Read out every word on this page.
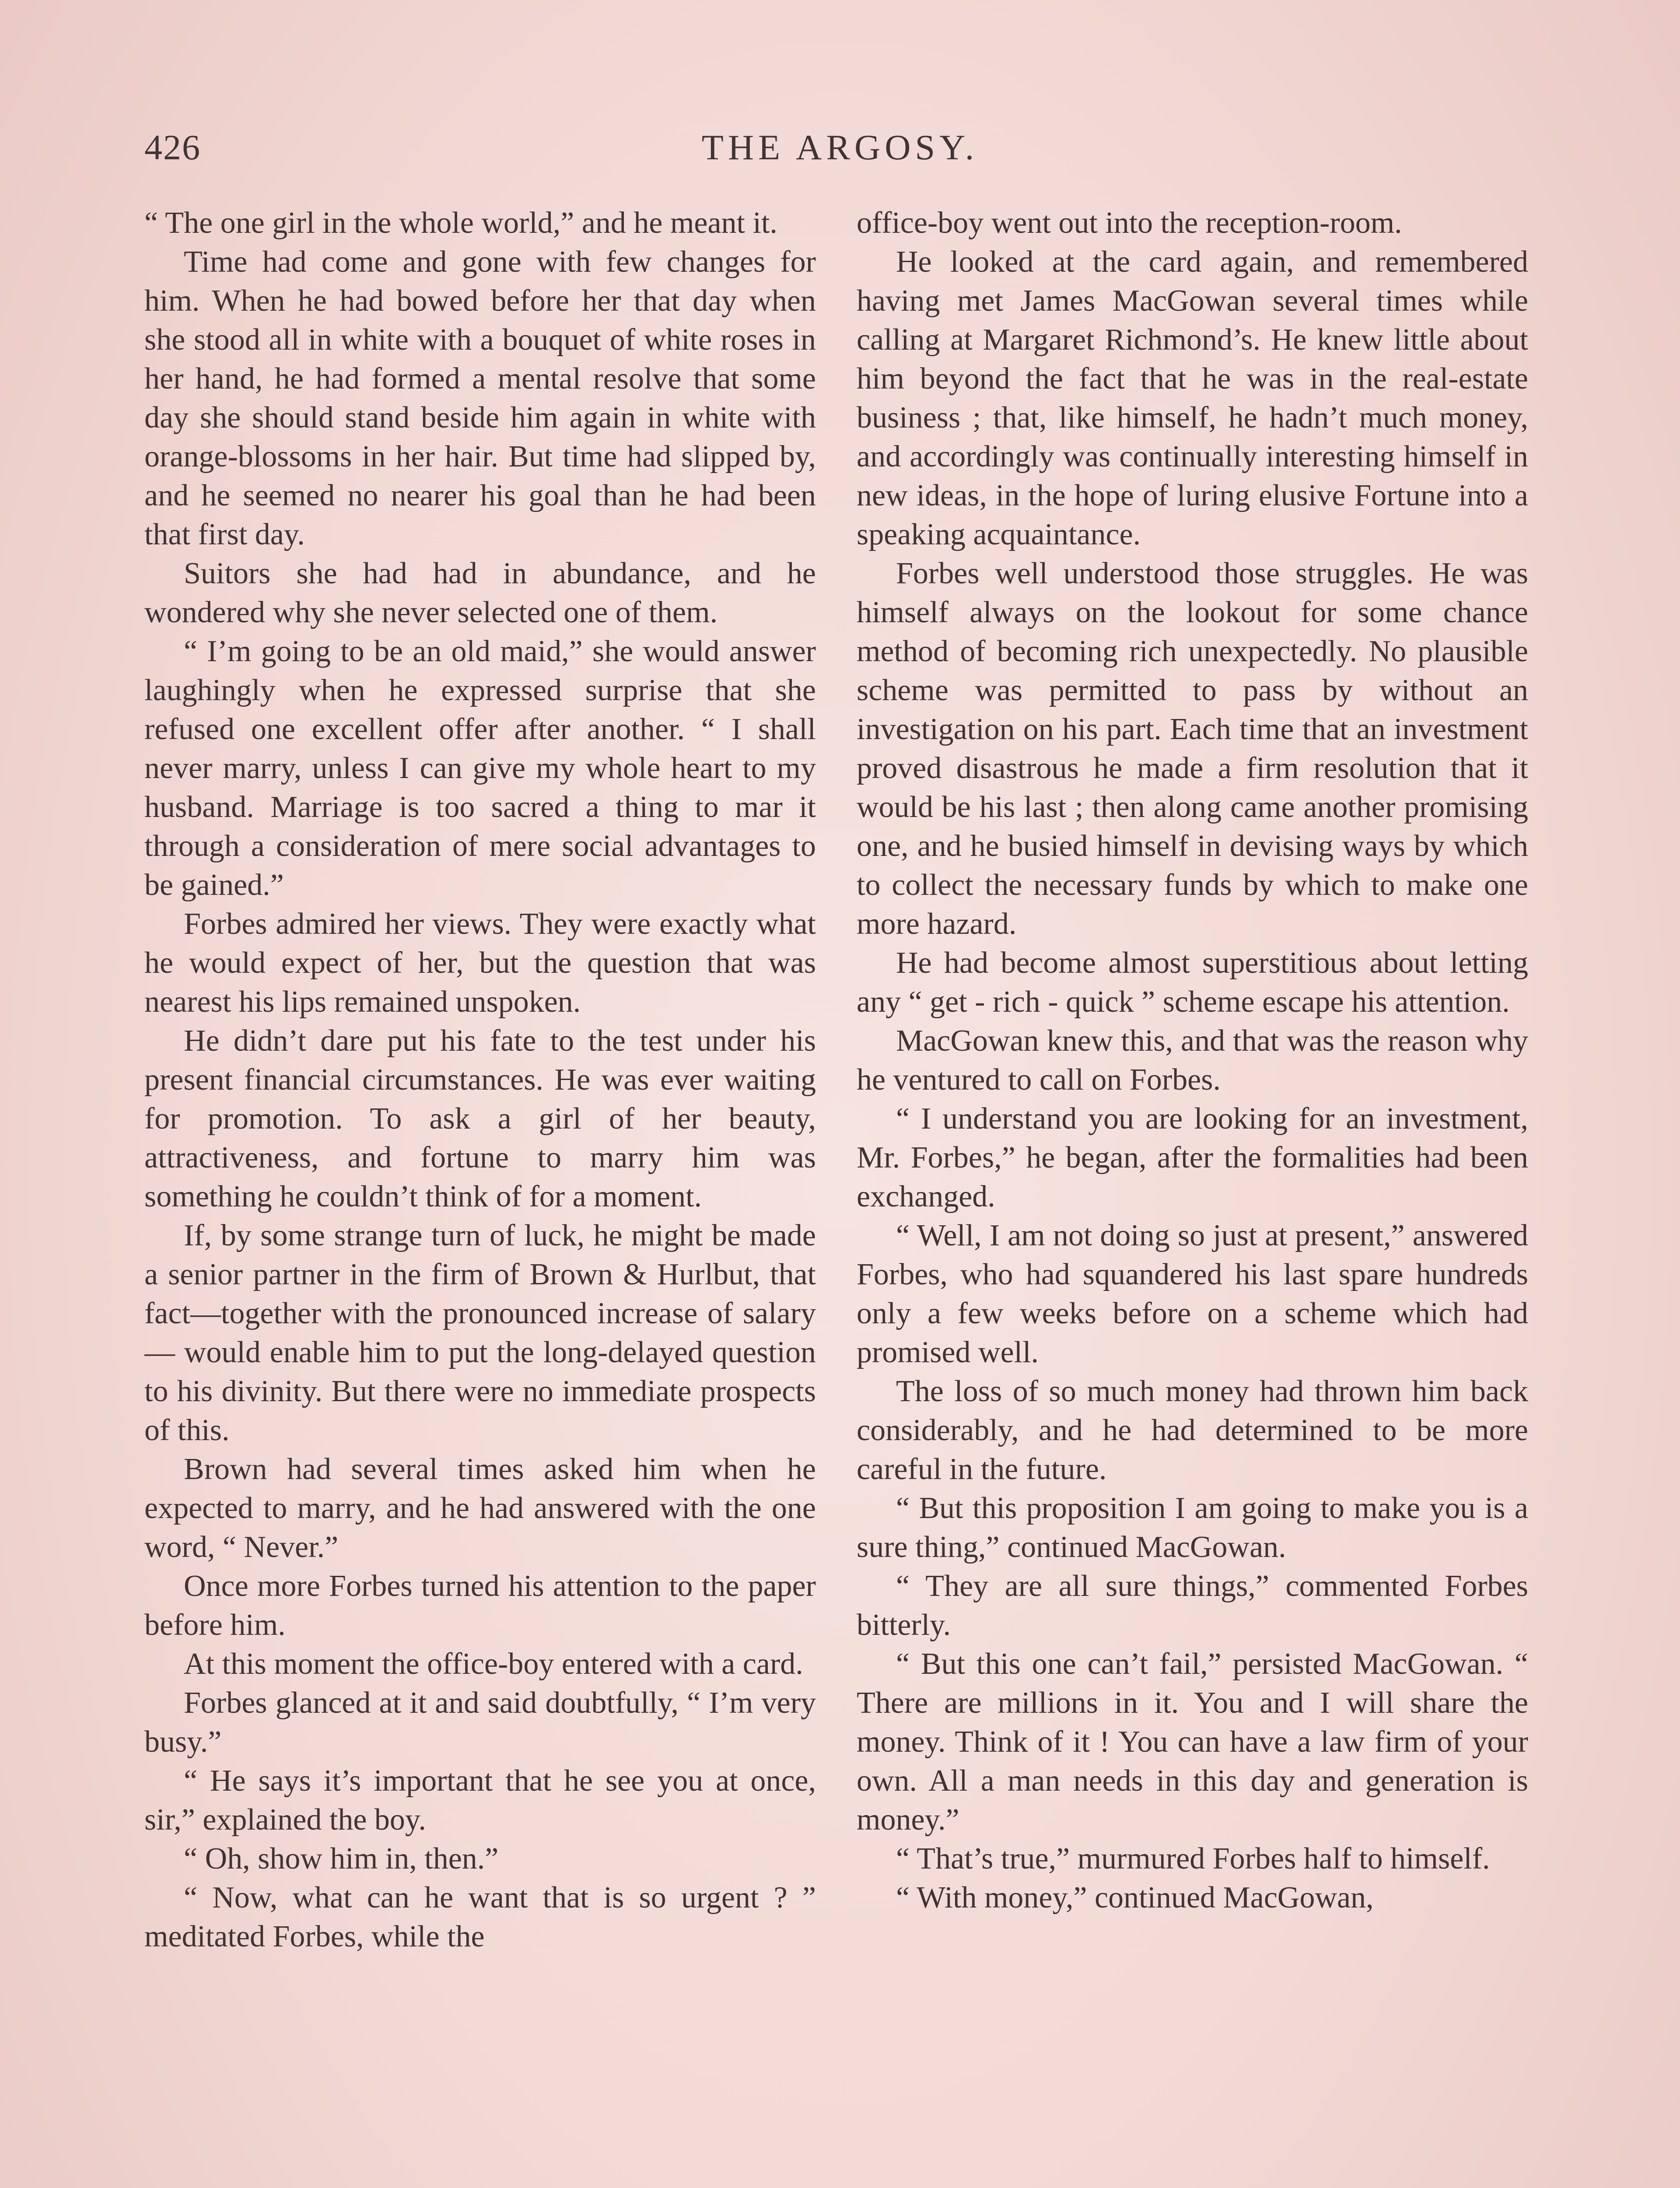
426	THE ARGOSY.

“ The one girl in the whole world,” and he meant it.

Time had come and gone with few changes for him. When he had bowed before her that day when she stood all in white with a bouquet of white roses in her hand, he had formed a mental resolve that some day she should stand beside him again in white with orange-blossoms in her hair. But time had slipped by, and he seemed no nearer his goal than he had been that first day.

Suitors she had had in abundance, and he wondered why she never selected one of them.

“ I’m going to be an old maid,” she would answer laughingly when he expressed surprise that she refused one excellent offer after another. “ I shall never marry, unless I can give my whole heart to my husband. Marriage is too sacred a thing to mar it through a consideration of mere social advantages to be gained.”

Forbes admired her views. They were exactly what he would expect of her, but the question that was nearest his lips remained unspoken.

He didn’t dare put his fate to the test under his present financial circumstances. He was ever waiting for promotion. To ask a girl of her beauty, attractiveness, and fortune to marry him was something he couldn’t think of for a moment.

If, by some strange turn of luck, he might be made a senior partner in the firm of Brown & Hurlbut, that fact—together with the pronounced increase of salary — would enable him to put the long-delayed question to his divinity. But there were no immediate prospects of this.

Brown had several times asked him when he expected to marry, and he had answered with the one word, “ Never.”

Once more Forbes turned his attention to the paper before him.

At this moment the office-boy entered with a card.

Forbes glanced at it and said doubtfully, “ I’m very busy.”

“ He says it’s important that he see you at once, sir,” explained the boy.

“ Oh, show him in, then.”

“ Now, what can he want that is so urgent ? ” meditated Forbes, while the

office-boy went out into the reception-room.

He looked at the card again, and remembered having met James MacGowan several times while calling at Margaret Richmond’s. He knew little about him beyond the fact that he was in the real-estate business ; that, like himself, he hadn’t much money, and accordingly was continually interesting himself in new ideas, in the hope of luring elusive Fortune into a speaking acquaintance.

Forbes well understood those struggles. He was himself always on the lookout for some chance method of becoming rich unexpectedly. No plausible scheme was permitted to pass by without an investigation on his part. Each time that an investment proved disastrous he made a firm resolution that it would be his last ; then along came another promising one, and he busied himself in devising ways by which to collect the necessary funds by which to make one more hazard.

He had become almost superstitious about letting any “ get - rich - quick ” scheme escape his attention.

MacGowan knew this, and that was the reason why he ventured to call on Forbes.

“ I understand you are looking for an investment, Mr. Forbes,” he began, after the formalities had been exchanged.

“ Well, I am not doing so just at present,” answered Forbes, who had squandered his last spare hundreds only a few weeks before on a scheme which had promised well.

The loss of so much money had thrown him back considerably, and he had determined to be more careful in the future.

“ But this proposition I am going to make you is a sure thing,” continued MacGowan.

“ They are all sure things,” commented Forbes bitterly.

“ But this one can’t fail,” persisted MacGowan. “ There are millions in it. You and I will share the money. Think of it ! You can have a law firm of your own. All a man needs in this day and generation is money.”

“ That’s true,” murmured Forbes half to himself.

“ With money,” continued MacGowan,
